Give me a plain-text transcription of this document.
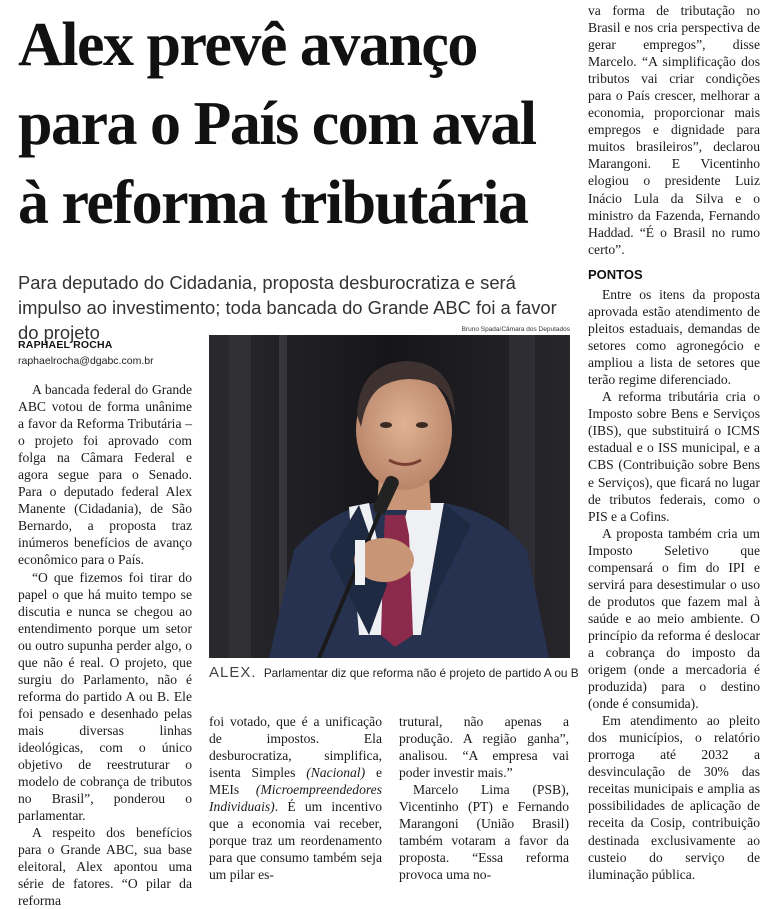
Alex prevê avanço
para o País com aval
à reforma tributária
Para deputado do Cidadania, proposta desburocratiza e será impulso ao investimento; toda bancada do Grande ABC foi a favor do projeto
RAPHAEL ROCHA
raphaelrocha@dgabc.com.br

A bancada federal do Grande ABC votou de forma unânime a favor da Reforma Tributária – o projeto foi aprovado com folga na Câmara Federal e agora segue para o Senado. Para o deputado federal Alex Manente (Cidadania), de São Bernardo, a proposta traz inúmeros benefícios de avanço econômico para o País.

“O que fizemos foi tirar do papel o que há muito tempo se discutia e nunca se chegou ao entendimento porque um setor ou outro supunha perder algo, o que não é real. O projeto, que surgiu do Parlamento, não é reforma do partido A ou B. Ele foi pensado e desenhado pelas mais diversas linhas ideológicas, com o único objetivo de reestruturar o modelo de cobrança de tributos no Brasil”, ponderou o parlamentar.

A respeito dos benefícios para o Grande ABC, sua base eleitoral, Alex apontou uma série de fatores. “O pilar da reforma

Bruno Spada/Câmara dos Deputados
ALEX. Parlamentar diz que reforma não é projeto de partido A ou B

foi votado, que é a unificação de impostos. Ela desburocratiza, simplifica, isenta Simples (Nacional) e MEIs (Microempreendedores Individuais). É um incentivo que a economia vai receber, porque traz um reordenamento para que consumo também seja um pilar es-

trutural, não apenas a produção. A região ganha”, analisou. “A empresa vai poder investir mais.”

Marcelo Lima (PSB), Vicentinho (PT) e Fernando Marangoni (União Brasil) também votaram a favor da proposta. “Essa reforma provoca uma no-

va forma de tributação no Brasil e nos cria perspectiva de gerar empregos”, disse Marcelo. “A simplificação dos tributos vai criar condições para o País crescer, melhorar a economia, proporcionar mais empregos e dignidade para muitos brasileiros”, declarou Marangoni. E Vicentinho elogiou o presidente Luiz Inácio Lula da Silva e o ministro da Fazenda, Fernando Haddad. “É o Brasil no rumo certo”.

PONTOS

Entre os itens da proposta aprovada estão atendimento de pleitos estaduais, demandas de setores como agronegócio e ampliou a lista de setores que terão regime diferenciado.

A reforma tributária cria o Imposto sobre Bens e Serviços (IBS), que substituirá o ICMS estadual e o ISS municipal, e a CBS (Contribuição sobre Bens e Serviços), que ficará no lugar de tributos federais, como o PIS e a Cofins.

A proposta também cria um Imposto Seletivo que compensará o fim do IPI e servirá para desestimular o uso de produtos que fazem mal à saúde e ao meio ambiente. O princípio da reforma é deslocar a cobrança do imposto da origem (onde a mercadoria é produzida) para o destino (onde é consumida).

Em atendimento ao pleito dos municípios, o relatório prorroga até 2032 a desvinculação de 30% das receitas municipais e amplia as possibilidades de aplicação de receita da Cosip, contribuição destinada exclusivamente ao custeio do serviço de iluminação pública.
